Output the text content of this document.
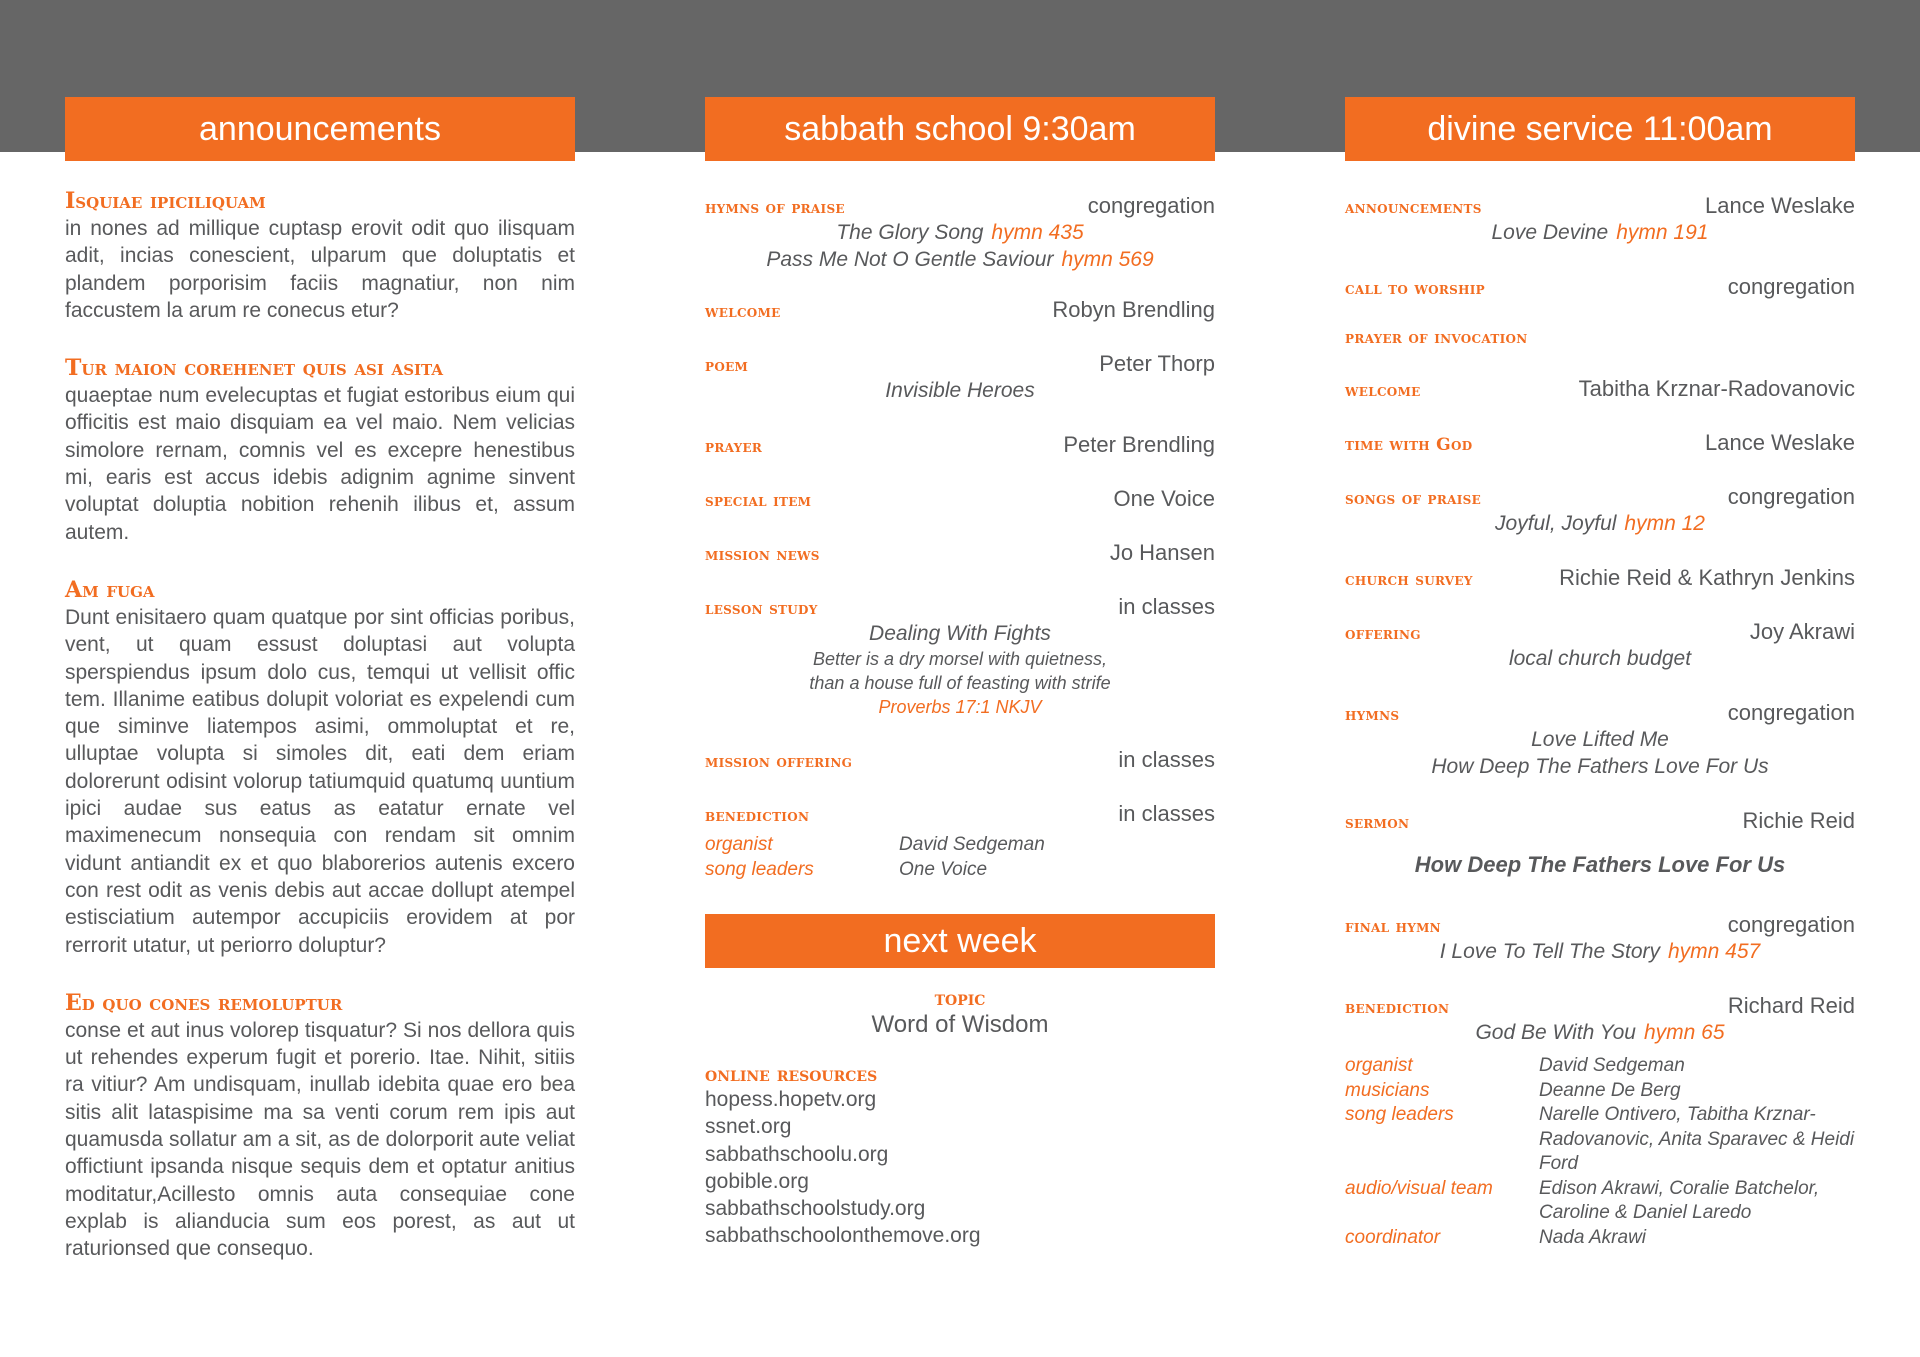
announcements
Isquiae ipiciliquam
in nones ad millique cuptasp erovit odit quo ilisquam adit, incias conescient, ulparum que doluptatis et plandem porporisim faciis magnatiur, non nim faccustem la arum re conecus etur?
Tur maion corehenet quis asi asita
quaeptae num evelecuptas et fugiat estoribus eium qui officitis est maio disquiam ea vel maio. Nem velicias simolore rernam, comnis vel es excepre henestibus mi, earis est accus idebis adignim agnime sinvent voluptat doluptia nobition rehenih ilibus et, assum autem.
Am fuga
Dunt enisitaero quam quatque por sint officias poribus, vent, ut quam essust doluptasi aut volupta sperspiendus ipsum dolo cus, temqui ut vellisit offic tem. Illanime eatibus dolupit voloriat es expelendi cum que siminve liatempos asimi, ommoluptat et re, ulluptae volupta si simoles dit, eati dem eriam dolorerunt odisint volorup tatiumquid quatumq uuntium ipici audae sus eatus as eatatur ernate vel maximenecum nonsequia con rendam sit omnim vidunt antiandit ex et quo blaborerios autenis excero con rest odit as venis debis aut accae dollupt atempel estisciatium autempor accupiciis erovidem at por rerrorit utatur, ut periorro doluptur?
Ed quo cones remoluptur
conse et aut inus volorep tisquatur? Si nos dellora quis ut rehendes experum fugit et porerio. Itae. Nihit, sitiis ra vitiur? Am undisquam, inullab idebita quae ero bea sitis alit lataspisime ma sa venti corum rem ipis aut quamusda sollatur am a sit, as de dolorporit aute veliat offictiunt ipsanda nisque sequis dem et optatur anitius moditatur,Acillesto omnis auta consequiae cone explab is alianducia sum eos porest, as aut ut raturionsed que consequo.
sabbath school 9:30am
hymns of praise	congregation
The Glory Song hymn 435
Pass Me Not O Gentle Saviour hymn 569
welcome	Robyn Brendling
poem	Peter Thorp
Invisible Heroes
prayer	Peter Brendling
special item	One Voice
mission news	Jo Hansen
lesson study	in classes
Dealing With Fights
Better is a dry morsel with quietness,
than a house full of feasting with strife
Proverbs 17:1 NKJV
mission offering	in classes
benediction	in classes
organist	David Sedgeman
song leaders	One Voice
next week
topic
Word of Wisdom
online resources
hopess.hopetv.org
ssnet.org
sabbathschoolu.org
gobible.org
sabbathschoolstudy.org
sabbathschoolonthemove.org
divine service 11:00am
announcements	Lance Weslake
Love Devine hymn 191
call to worship	congregation
prayer of invocation
welcome	Tabitha Krznar-Radovanovic
time with God	Lance Weslake
songs of praise	congregation
Joyful, Joyful hymn 12
church survey	Richie Reid & Kathryn Jenkins
offering	Joy Akrawi
local church budget
hymns	congregation
Love Lifted Me
How Deep The Fathers Love For Us
sermon	Richie Reid
How Deep The Fathers Love For Us
final hymn	congregation
I Love To Tell The Story hymn 457
benediction	Richard Reid
God Be With You hymn 65
organist	David Sedgeman
musicians	Deanne De Berg
song leaders	Narelle Ontivero, Tabitha Krznar-Radovanovic, Anita Sparavec & Heidi Ford
audio/visual team	Edison Akrawi, Coralie Batchelor, Caroline & Daniel Laredo
coordinator	Nada Akrawi
